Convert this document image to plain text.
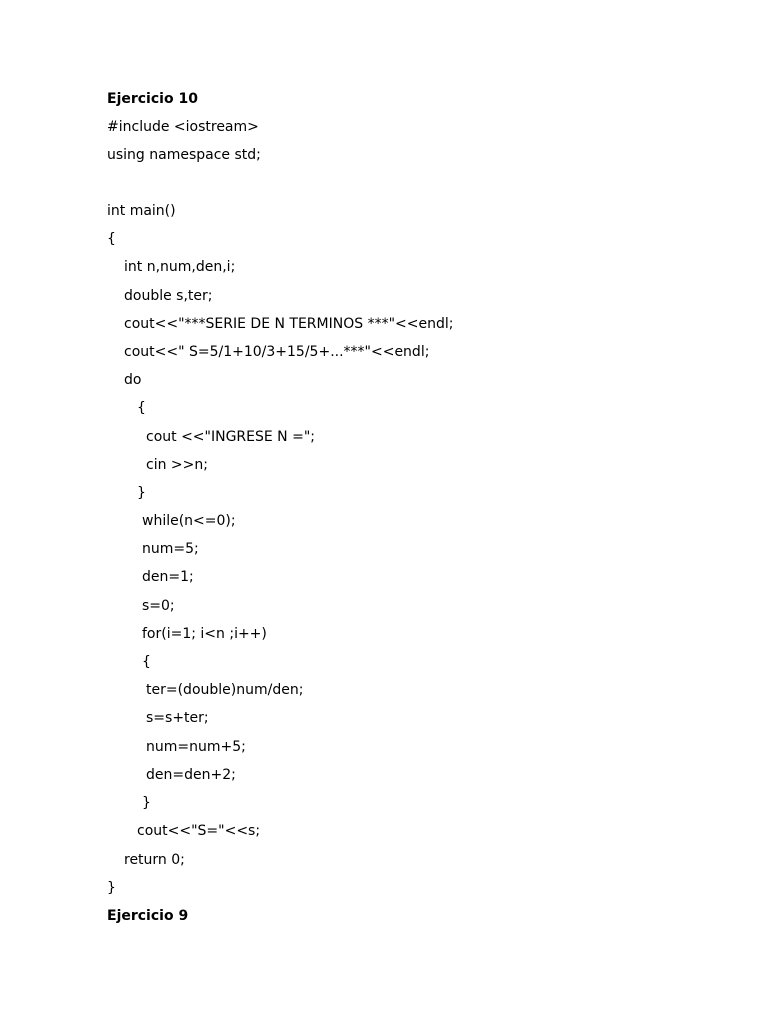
Ejercicio 10
#include <iostream>
using namespace std;
int main()
{
int n,num,den,i;
double s,ter;
cout<<"***SERIE DE N TERMINOS ***"<<endl;
cout<<" S=5/1+10/3+15/5+...***"<<endl;
do
{
cout <<"INGRESE N =";
cin >>n;
}
while(n<=0);
num=5;
den=1;
s=0;
for(i=1; i<n ;i++)
{
ter=(double)num/den;
s=s+ter;
num=num+5;
den=den+2;
}
cout<<"S="<<s;
return 0;
}
Ejercicio 9
